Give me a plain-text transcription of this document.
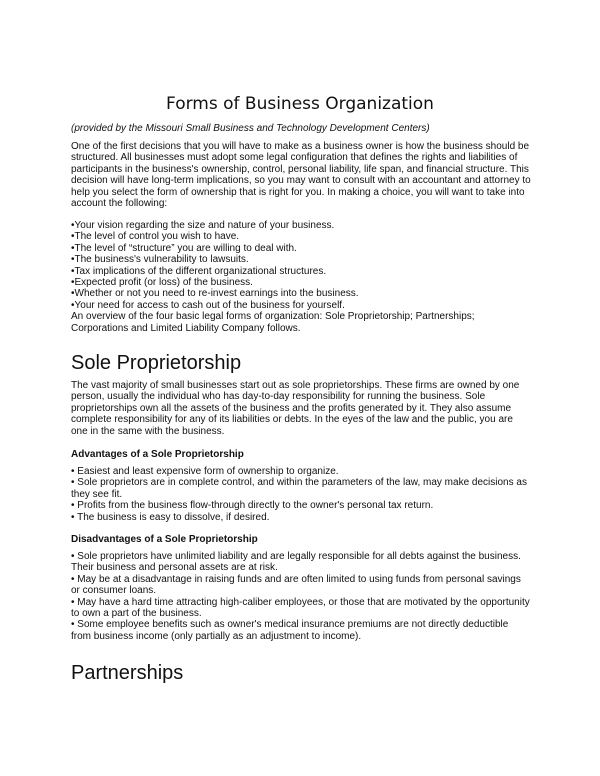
Forms of Business Organization
(provided by the Missouri Small Business and Technology Development Centers)
One of the first decisions that you will have to make as a business owner is how the business should be structured. All businesses must adopt some legal configuration that defines the rights and liabilities of participants in the business's ownership, control, personal liability, life span, and financial structure. This decision will have long-term implications, so you may want to consult with an accountant and attorney to help you select the form of ownership that is right for you. In making a choice, you will want to take into account the following:
•Your vision regarding the size and nature of your business.
•The level of control you wish to have.
•The level of “structure” you are willing to deal with.
•The business's vulnerability to lawsuits.
•Tax implications of the different organizational structures.
•Expected profit (or loss) of the business.
•Whether or not you need to re-invest earnings into the business.
•Your need for access to cash out of the business for yourself.
An overview of the four basic legal forms of organization: Sole Proprietorship; Partnerships; Corporations and Limited Liability Company follows.
Sole Proprietorship
The vast majority of small businesses start out as sole proprietorships. These firms are owned by one person, usually the individual who has day-to-day responsibility for running the business. Sole proprietorships own all the assets of the business and the profits generated by it. They also assume complete responsibility for any of its liabilities or debts. In the eyes of the law and the public, you are one in the same with the business.
Advantages of a Sole Proprietorship
• Easiest and least expensive form of ownership to organize.
• Sole proprietors are in complete control, and within the parameters of the law, may make decisions as they see fit.
• Profits from the business flow-through directly to the owner's personal tax return.
• The business is easy to dissolve, if desired.
Disadvantages of a Sole Proprietorship
• Sole proprietors have unlimited liability and are legally responsible for all debts against the business. Their business and personal assets are at risk.
• May be at a disadvantage in raising funds and are often limited to using funds from personal savings or consumer loans.
• May have a hard time attracting high-caliber employees, or those that are motivated by the opportunity to own a part of the business.
• Some employee benefits such as owner's medical insurance premiums are not directly deductible from business income (only partially as an adjustment to income).
Partnerships
